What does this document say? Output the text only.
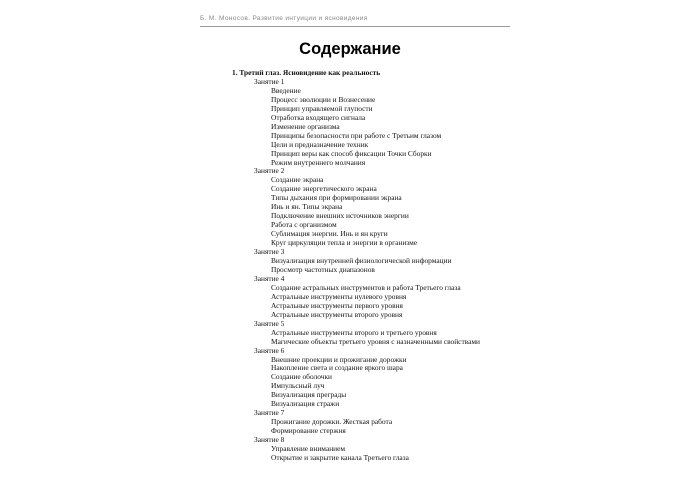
Б. М. Моносов. Развитие интуиции и ясновидения
Содержание
1. Третий глаз. Ясновидение как реальность
Занятие 1
Введение
Процесс эволюции и Вознесение
Принцип управляемой глупости
Отработка входящего сигнала
Изменение организма
Принципы безопасности при работе с Третьим глазом
Цели и предназначение техник
Принцип веры как способ фиксации Точки Сборки
Режим внутреннего молчания
Занятие 2
Создание экрана
Создание энергетического экрана
Типы дыхания при формировании экрана
Инь и ян. Типы экрана
Подключение внешних источников энергии
Работа с организмом
Сублимация энергии. Инь и ян круги
Круг циркуляции тепла и энергии в организме
Занятие 3
Визуализация внутренней физиологической информации
Просмотр частотных диапазонов
Занятие 4
Создание астральных инструментов и работа Третьего глаза
Астральные инструменты нулевого уровня
Астральные инструменты первого уровня
Астральные инструменты второго уровня
Занятие 5
Астральные инструменты второго и третьего уровня
Магические объекты третьего уровня с назначенными свойствами
Занятие 6
Внешние проекции и прожигание дорожки
Накопление света и создание яркого шара
Создание оболочки
Импульсный луч
Визуализация преграды
Визуализация стражи
Занятие 7
Прожигание дорожки. Жесткая работа
Формирование стержня
Занятие 8
Управление вниманием
Открытие и закрытие канала Третьего глаза
